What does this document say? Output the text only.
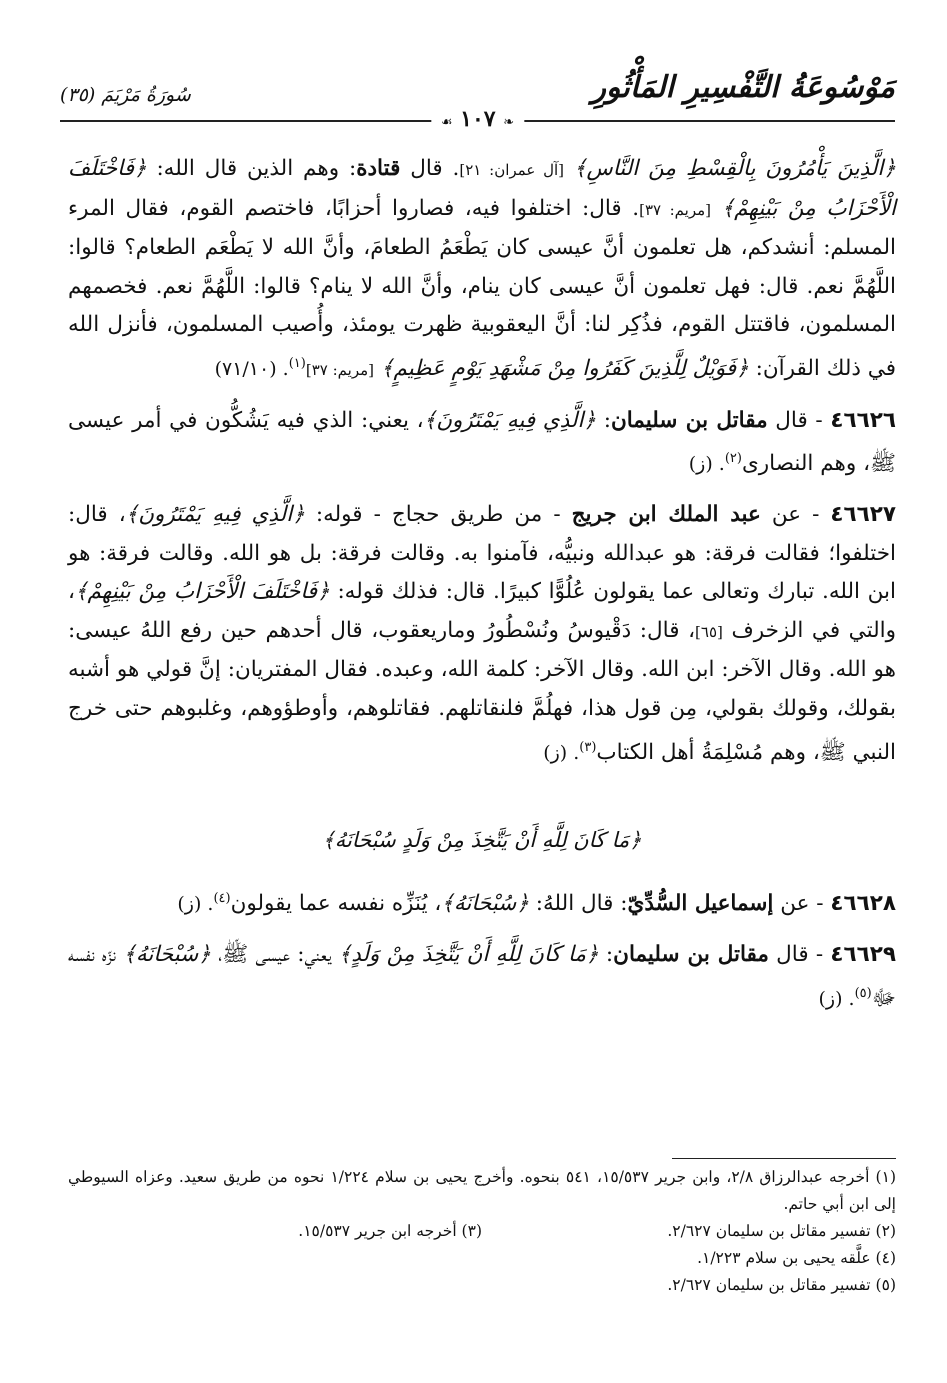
مَوْسُوعَةُ التَّفْسِيرِ المَأْثُورِ
سُورَةُ مَرْيَمَ (٣٥)
❧ ١٠٧ ☙

﴿الَّذِينَ يَأْمُرُونَ بِالْقِسْطِ مِنَ النَّاسِ﴾ [آل عمران: ٢١]. قال قتادة: وهم الذين قال الله: ﴿فَاخْتَلَفَ الْأَحْزَابُ مِنْ بَيْنِهِمْ﴾ [مريم: ٣٧]. قال: اختلفوا فيه، فصاروا أحزابًا، فاختصم القوم، فقال المرء المسلم: أنشدكم، هل تعلمون أنَّ عيسى كان يَطْعَمُ الطعامَ، وأنَّ الله لا يَطْعَم الطعام؟ قالوا: اللَّهُمَّ نعم. قال: فهل تعلمون أنَّ عيسى كان ينام، وأنَّ الله لا ينام؟ قالوا: اللَّهُمَّ نعم. فخصمهم المسلمون، فاقتتل القوم، فذُكِر لنا: أنَّ اليعقوبية ظهرت يومئذ، وأُصيب المسلمون، فأنزل الله في ذلك القرآن: ﴿فَوَيْلٌ لِلَّذِينَ كَفَرُوا مِنْ مَشْهَدِ يَوْمٍ عَظِيمٍ﴾ [مريم: ٣٧]$^{(١)}$. (٧١/١٠)

٤٦٦٢٦ - قال مقاتل بن سليمان: ﴿الَّذِي فِيهِ يَمْتَرُونَ﴾، يعني: الذي فيه يَشُكُّون في أمر عيسى ﷺ، وهم النصارى$^{(٢)}$. (ز)

٤٦٦٢٧ - عن عبد الملك ابن جريج - من طريق حجاج - قوله: ﴿الَّذِي فِيهِ يَمْتَرُونَ﴾، قال: اختلفوا؛ فقالت فرقة: هو عبدالله ونبيُّه، فآمنوا به. وقالت فرقة: بل هو الله. وقالت فرقة: هو ابن الله. تبارك وتعالى عما يقولون عُلُوًّا كبيرًا. قال: فذلك قوله: ﴿فَاخْتَلَفَ الْأَحْزَابُ مِنْ بَيْنِهِمْ﴾، والتي في الزخرف [٦٥]، قال: دَقْيوسُ ونُسْطُورُ وماريعقوب، قال أحدهم حين رفع اللهُ عيسى: هو الله. وقال الآخر: ابن الله. وقال الآخر: كلمة الله، وعبده. فقال المفتريان: إنَّ قولي هو أشبه بقولك، وقولك بقولي، مِن قول هذا، فهلُمَّ فلنقاتلهم. فقاتلوهم، وأوطؤوهم، وغلبوهم حتى خرج النبي ﷺ، وهم مُسْلِمَةُ أهل الكتاب$^{(٣)}$. (ز)

﴿مَا كَانَ لِلَّهِ أَنْ يَتَّخِذَ مِنْ وَلَدٍ سُبْحَانَهُ﴾

٤٦٦٢٨ - عن إسماعيل السُّدِّيّ: قال اللهُ: ﴿سُبْحَانَهُ﴾، يُنَزِّه نفسه عما يقولون$^{(٤)}$. (ز)

٤٦٦٢٩ - قال مقاتل بن سليمان: ﴿مَا كَانَ لِلَّهِ أَنْ يَتَّخِذَ مِنْ وَلَدٍ﴾ يعني: عيسى ﷺ، ﴿سُبْحَانَهُ﴾ نزّه نفسه ﷻ$^{(٥)}$. (ز)

(١) أخرجه عبدالرزاق ٢/٨، وابن جرير ١٥/٥٣٧، ٥٤١ بنحوه. وأخرج يحيى بن سلام ١/٢٢٤ نحوه من طريق سعيد. وعزاه السيوطي إلى ابن أبي حاتم.

(٢) تفسير مقاتل بن سليمان ٢/٦٢٧.

(٣) أخرجه ابن جرير ١٥/٥٣٧.

(٤) علَّقه يحيى بن سلام ١/٢٢٣.

(٥) تفسير مقاتل بن سليمان ٢/٦٢٧.
